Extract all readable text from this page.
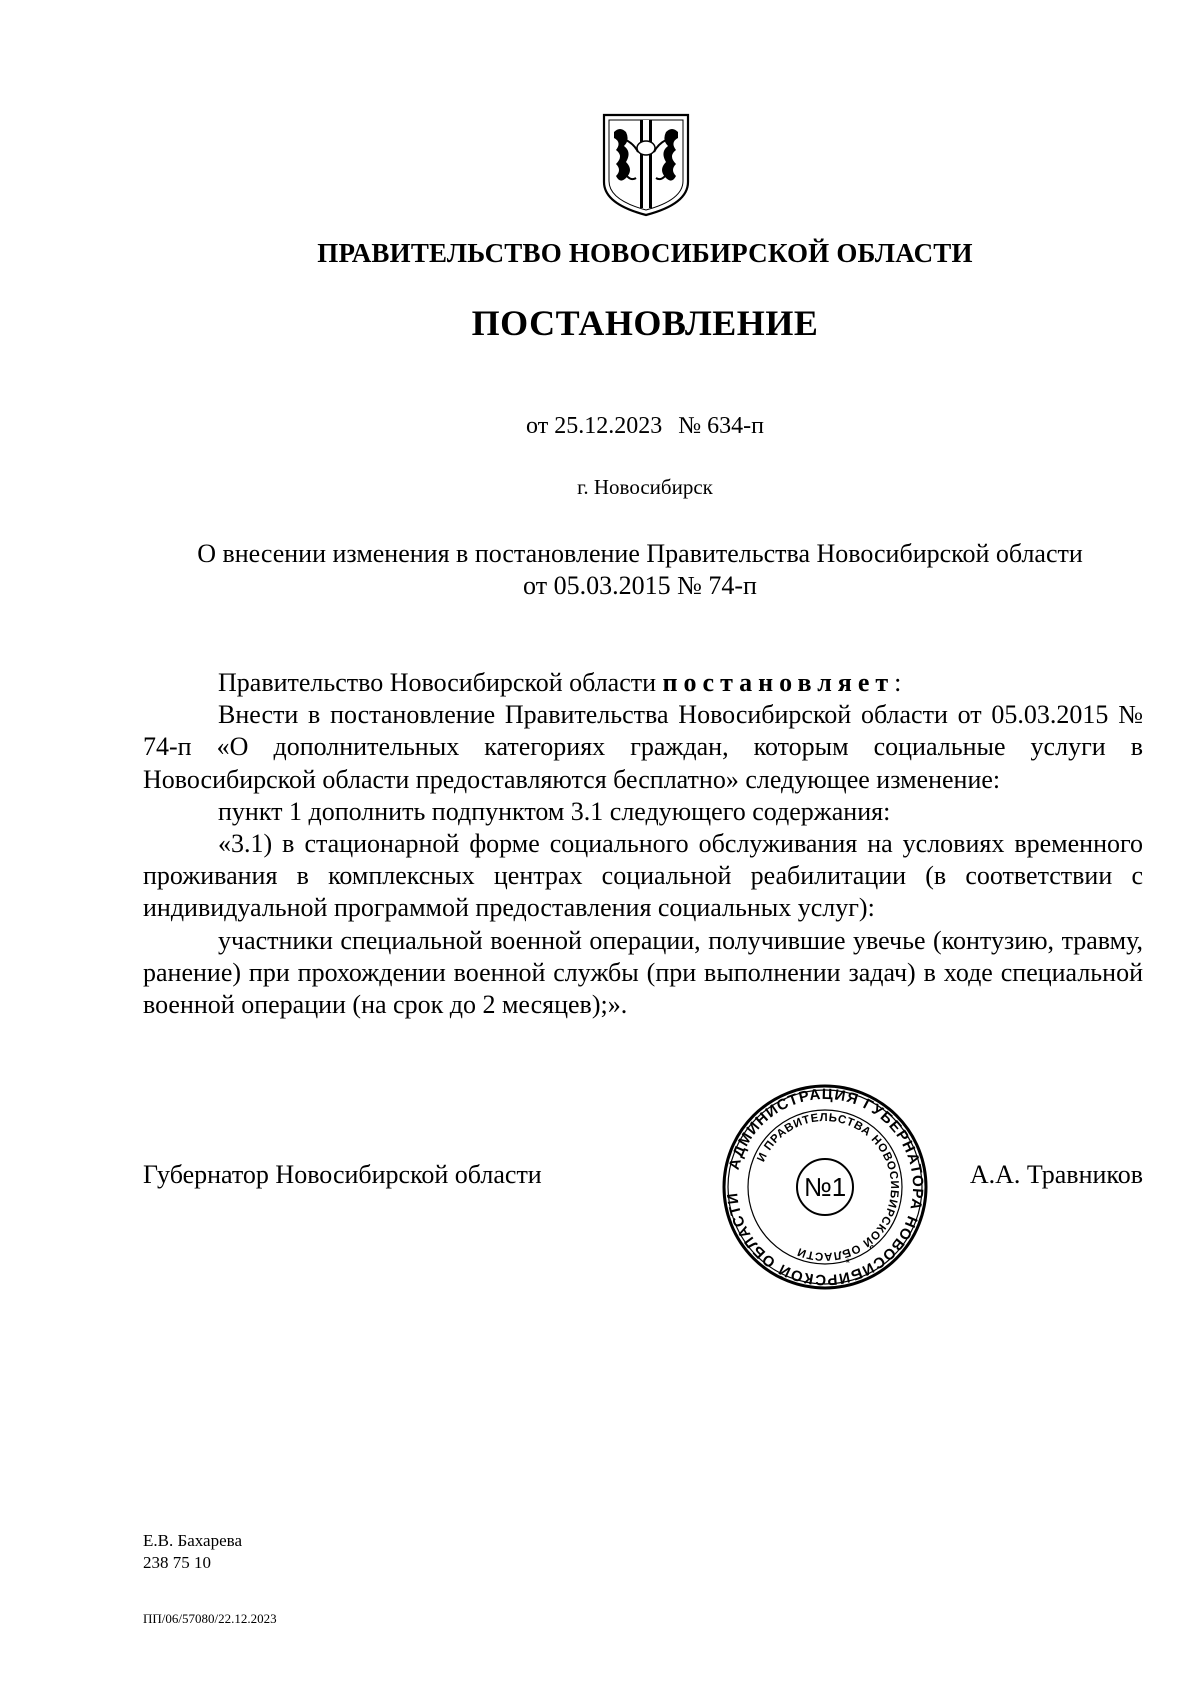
ПРАВИТЕЛЬСТВО НОВОСИБИРСКОЙ ОБЛАСТИ
ПОСТАНОВЛЕНИЕ
от 25.12.2023 № 634-п
г. Новосибирск
О внесении изменения в постановление Правительства Новосибирской области
от 05.03.2015 № 74-п

Правительство Новосибирской области постановляет:

Внести в постановление Правительства Новосибирской области от 05.03.2015 № 74-п «О дополнительных категориях граждан, которым социальные услуги в Новосибирской области предоставляются бесплатно» следующее изменение:

пункт 1 дополнить подпунктом 3.1 следующего содержания:

«3.1) в стационарной форме социального обслуживания на условиях временного проживания в комплексных центрах социальной реабилитации (в соответствии с индивидуальной программой предоставления социальных услуг):

участники специальной военной операции, получившие увечье (контузию, травму, ранение) при прохождении военной службы (при выполнении задач) в ходе специальной военной операции (на срок до 2 месяцев);».

Губернатор Новосибирской области	А.А. Травников
АДМИНИСТРАЦИЯ ГУБЕРНАТОРА НОВОСИБИРСКОЙ ОБЛАСТИ
И ПРАВИТЕЛЬСТВА НОВОСИБИРСКОЙ ОБЛАСТИ
№1
*
Е.В. Бахарева
238 75 10
ПП/06/57080/22.12.2023
